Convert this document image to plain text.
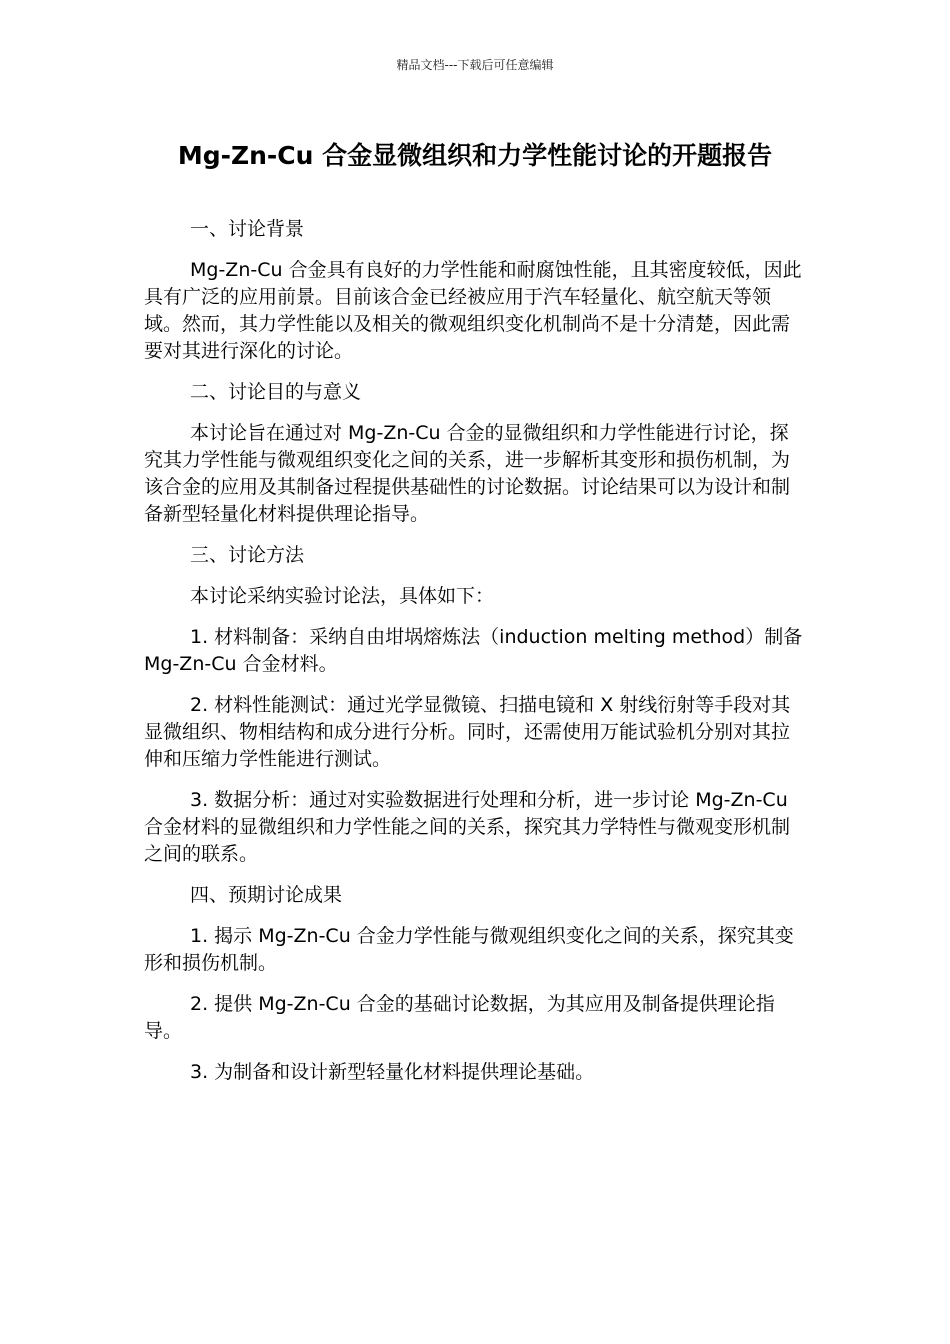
精品文档---下载后可任意编辑
Mg-Zn-Cu 合金显微组织和力学性能讨论的开题报告
一、讨论背景

Mg-Zn-Cu 合金具有良好的力学性能和耐腐蚀性能，且其密度较低，因此具有广泛的应用前景。目前该合金已经被应用于汽车轻量化、航空航天等领域。然而，其力学性能以及相关的微观组织变化机制尚不是十分清楚，因此需要对其进行深化的讨论。

二、讨论目的与意义

本讨论旨在通过对 Mg-Zn-Cu 合金的显微组织和力学性能进行讨论，探究其力学性能与微观组织变化之间的关系，进一步解析其变形和损伤机制，为该合金的应用及其制备过程提供基础性的讨论数据。讨论结果可以为设计和制备新型轻量化材料提供理论指导。

三、讨论方法

本讨论采纳实验讨论法，具体如下：

1. 材料制备：采纳自由坩埚熔炼法（induction melting method）制备 Mg-Zn-Cu 合金材料。

2. 材料性能测试：通过光学显微镜、扫描电镜和 X 射线衍射等手段对其显微组织、物相结构和成分进行分析。同时，还需使用万能试验机分别对其拉伸和压缩力学性能进行测试。

3. 数据分析：通过对实验数据进行处理和分析，进一步讨论 Mg-Zn-Cu 合金材料的显微组织和力学性能之间的关系，探究其力学特性与微观变形机制之间的联系。

四、预期讨论成果

1. 揭示 Mg-Zn-Cu 合金力学性能与微观组织变化之间的关系，探究其变形和损伤机制。

2. 提供 Mg-Zn-Cu 合金的基础讨论数据，为其应用及制备提供理论指导。

3. 为制备和设计新型轻量化材料提供理论基础。
